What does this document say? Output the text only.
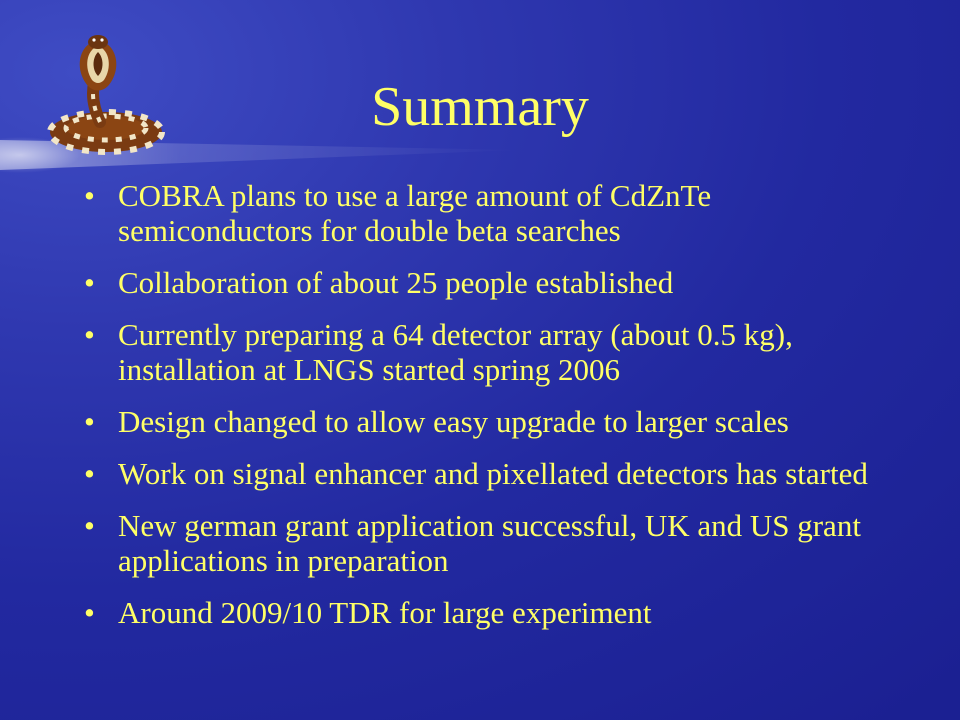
Summary
• COBRA plans to use a large amount of CdZnTe semiconductors for double beta searches
• Collaboration of about 25 people established
• Currently preparing a 64 detector array (about 0.5 kg), installation at LNGS started spring 2006
• Design changed to allow easy upgrade to larger scales
• Work on signal enhancer and pixellated detectors has started
• New german grant application successful, UK and US grant applications in preparation
• Around 2009/10 TDR for large experiment
